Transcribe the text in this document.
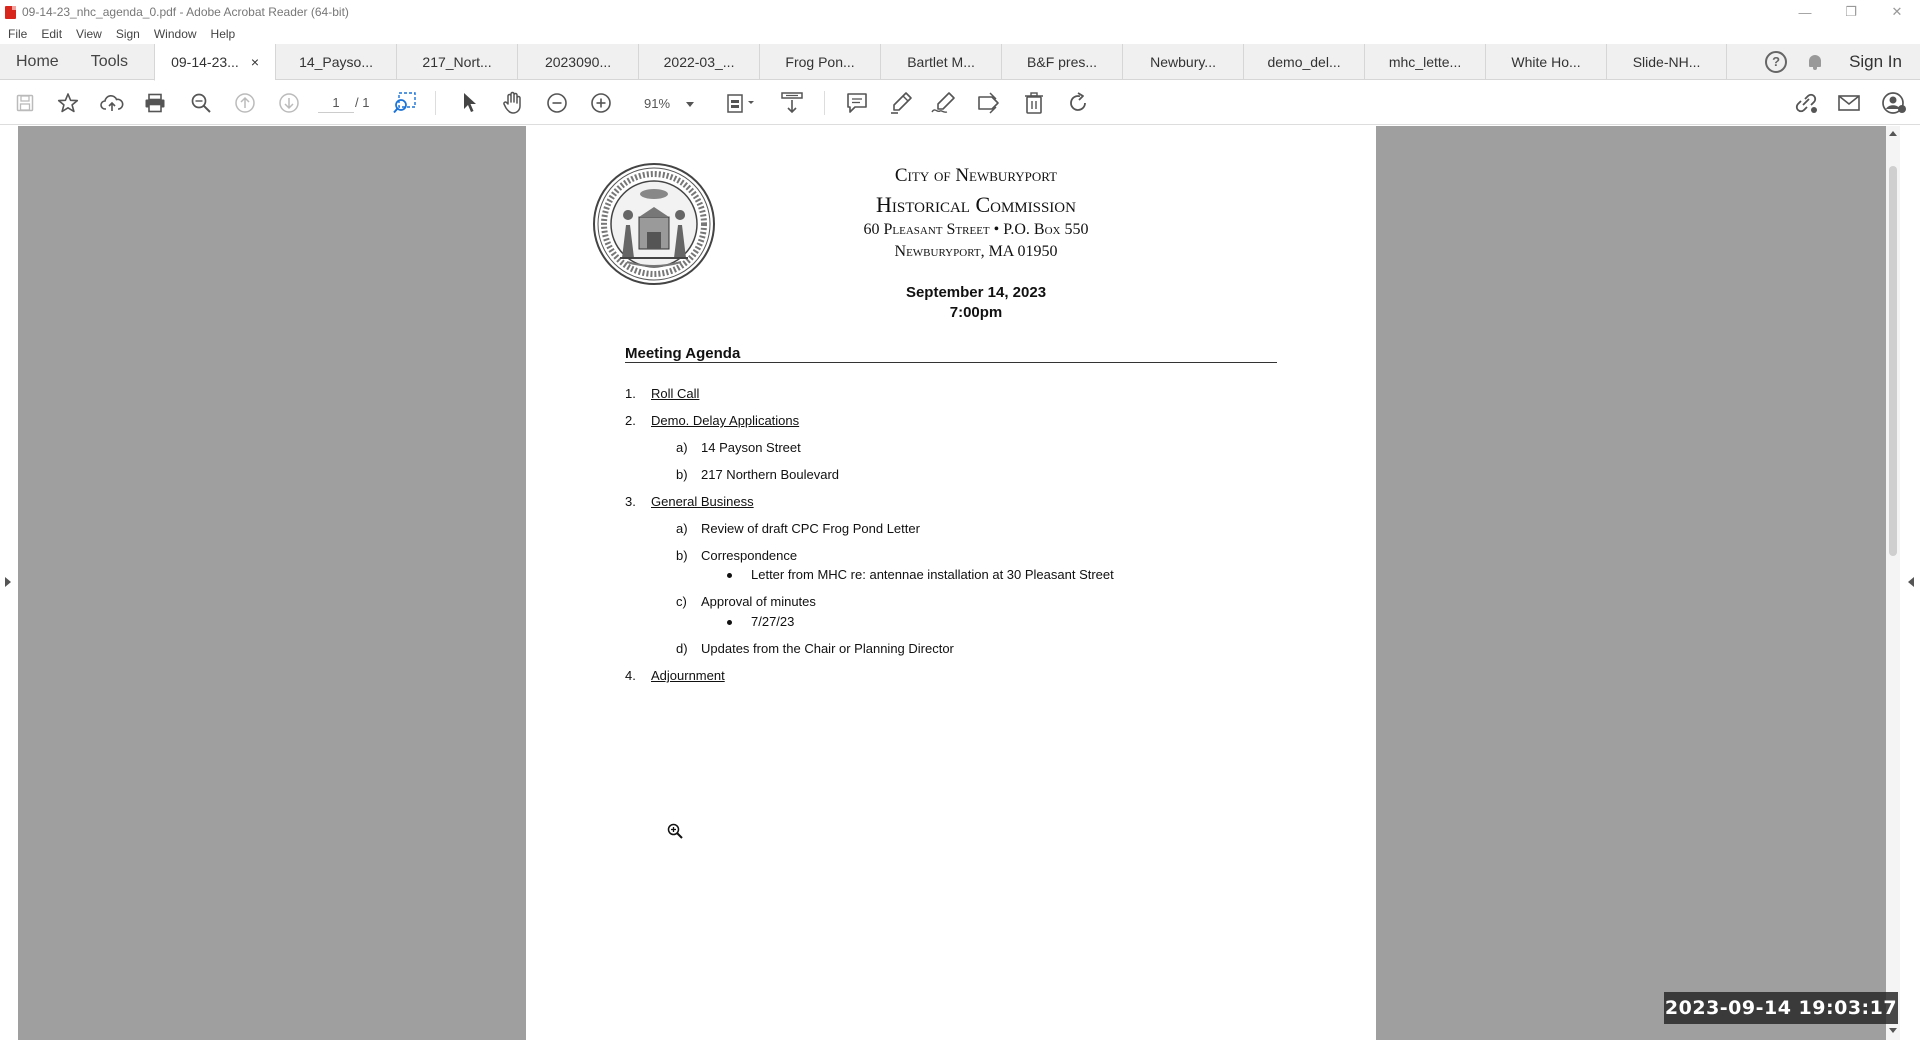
09-14-23_nhc_agenda_0.pdf - Adobe Acrobat Reader (64-bit)	—	❐	✕
File Edit View Sign Window Help
Home	Tools	09-14-23... ×	14_Payso...	217_Nort...	2023090...	2022-03_...	Frog Pon...	Bartlet M...	B&F pres...	Newbury...	demo_del...	mhc_lette...	White Ho...	Slide-NH...	?	Sign In
1	/ 1	91%
City of Newburyport
Historical Commission
60 Pleasant Street • P.O. Box 550
Newburyport, MA 01950
September 14, 2023
7:00pm
Meeting Agenda
1. Roll Call
2. Demo. Delay Applications
a) 14 Payson Street
b) 217 Northern Boulevard
3. General Business
a) Review of draft CPC Frog Pond Letter
b) Correspondence
Letter from MHC re: antennae installation at 30 Pleasant Street
c) Approval of minutes
7/27/23
d) Updates from the Chair or Planning Director
4. Adjournment
2023-09-14 19:03:17
